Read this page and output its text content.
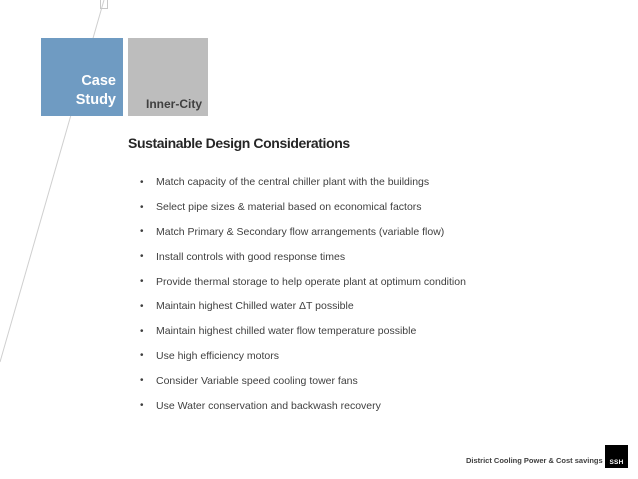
Case
Study Inner-City
Sustainable Design Considerations
•	Match capacity of the central chiller plant with the buildings
•	Select pipe sizes & material based on economical factors
•	Match Primary & Secondary flow arrangements (variable flow)
•	Install controls with good response times
•	Provide thermal storage to help operate plant at optimum condition
•	Maintain highest Chilled water ΔT possible
•	Maintain highest chilled water flow temperature possible
•	Use high efficiency motors
•	Consider Variable speed cooling tower fans
•	Use Water conservation and backwash recovery
District Cooling Power & Cost savings SSH
